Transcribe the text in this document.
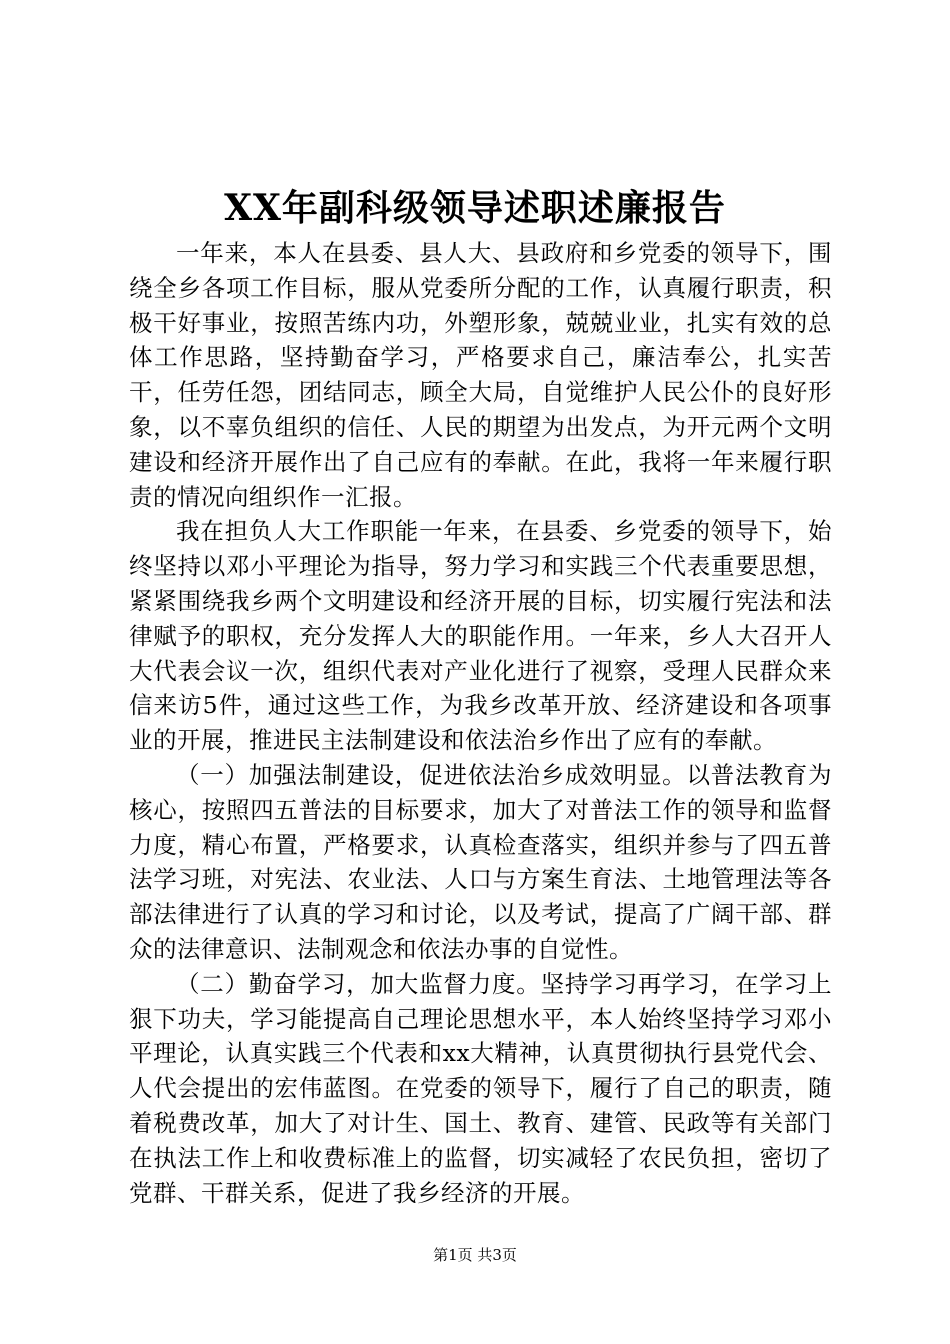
XX年副科级领导述职述廉报告

一年来，本人在县委、县人大、县政府和乡党委的领导下，围绕全乡各项工作目标，服从党委所分配的工作，认真履行职责，积极干好事业，按照苦练内功，外塑形象，兢兢业业，扎实有效的总体工作思路，坚持勤奋学习，严格要求自己，廉洁奉公，扎实苦干，任劳任怨，团结同志，顾全大局，自觉维护人民公仆的良好形象，以不辜负组织的信任、人民的期望为出发点，为开元两个文明建设和经济开展作出了自己应有的奉献。在此，我将一年来履行职责的情况向组织作一汇报。

我在担负人大工作职能一年来，在县委、乡党委的领导下，始终坚持以邓小平理论为指导，努力学习和实践三个代表重要思想，紧紧围绕我乡两个文明建设和经济开展的目标，切实履行宪法和法律赋予的职权，充分发挥人大的职能作用。一年来，乡人大召开人大代表会议一次，组织代表对产业化进行了视察，受理人民群众来信来访5件，通过这些工作，为我乡改革开放、经济建设和各项事业的开展，推进民主法制建设和依法治乡作出了应有的奉献。

（一）加强法制建设，促进依法治乡成效明显。以普法教育为核心，按照四五普法的目标要求，加大了对普法工作的领导和监督力度，精心布置，严格要求，认真检查落实，组织并参与了四五普法学习班，对宪法、农业法、人口与方案生育法、土地管理法等各部法律进行了认真的学习和讨论，以及考试，提高了广阔干部、群众的法律意识、法制观念和依法办事的自觉性。

（二）勤奋学习，加大监督力度。坚持学习再学习，在学习上狠下功夫，学习能提高自己理论思想水平，本人始终坚持学习邓小平理论，认真实践三个代表和xx大精神，认真贯彻执行县党代会、人代会提出的宏伟蓝图。在党委的领导下，履行了自己的职责，随着税费改革，加大了对计生、国土、教育、建管、民政等有关部门在执法工作上和收费标准上的监督，切实减轻了农民负担，密切了党群、干群关系，促进了我乡经济的开展。

第1页 共3页
